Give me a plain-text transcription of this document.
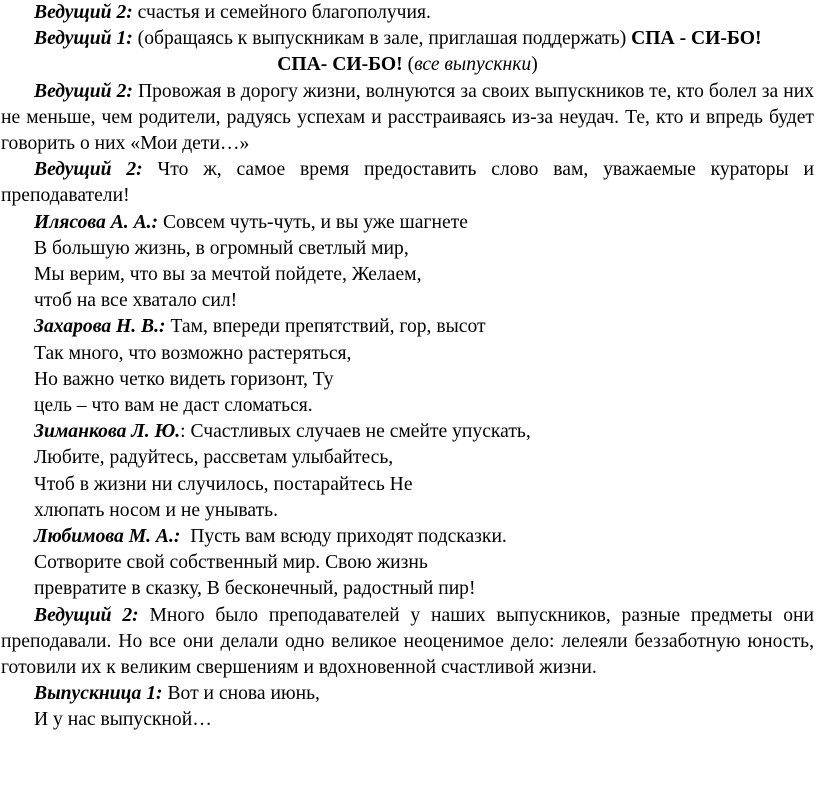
Ведущий 2: счастья и семейного благополучия.

Ведущий 1: (обращаясь к выпускникам в зале, приглашая поддержать) СПА - СИ-БО!

СПА- СИ-БО! (все выпускнки)

Ведущий 2: Провожая в дорогу жизни, волнуются за своих выпускников те, кто болел за них не меньше, чем родители, радуясь успехам и расстраиваясь из-за неудач. Те, кто и впредь будет говорить о них «Мои дети…»

Ведущий 2: Что ж, самое время предоставить слово вам, уважаемые кураторы и преподаватели!

Илясова А. А.: Совсем чуть-чуть, и вы уже шагнете

В большую жизнь, в огромный светлый мир,

Мы верим, что вы за мечтой пойдете, Желаем,

чтоб на все хватало сил!

Захарова Н. В.: Там, впереди препятствий, гор, высот

Так много, что возможно растеряться,

Но важно четко видеть горизонт, Ту

цель – что вам не даст сломаться.

Зиманкова Л. Ю.: Счастливых случаев не смейте упускать,

Любите, радуйтесь, рассветам улыбайтесь,

Чтоб в жизни ни случилось, постарайтесь Не

хлюпать носом и не унывать.

Любимова М. А.:  Пусть вам всюду приходят подсказки.

Сотворите свой собственный мир. Свою жизнь

превратите в сказку, В бесконечный, радостный пир!

Ведущий 2: Много было преподавателей у наших выпускников, разные предметы они преподавали. Но все они делали одно великое неоценимое дело: лелеяли беззаботную юность, готовили их к великим свершениям и вдохновенной счастливой жизни.

Выпускница 1: Вот и снова июнь,

И у нас выпускной…
